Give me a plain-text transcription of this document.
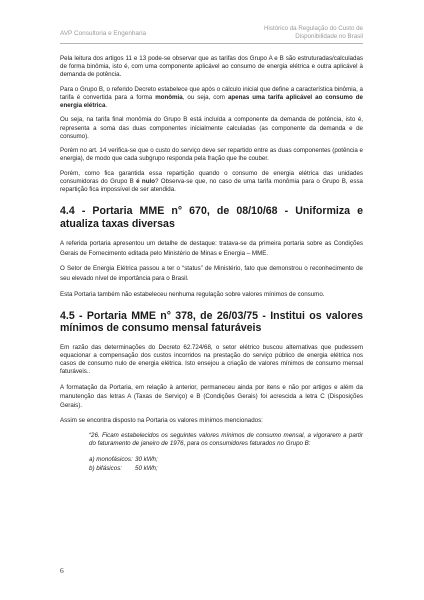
AVP Consultoria e Engenharia
Histórico da Regulação do Custo de
Disponibilidade no Brasil

Pela leitura dos artigos 11 e 13 pode-se observar que as tarifas dos Grupo A e B são estruturadas/calculadas de forma binômia, isto é, com uma componente aplicável ao consumo de energia elétrica e outra aplicável à demanda de potência.

Para o Grupo B, o referido Decreto estabelece que após o cálculo inicial que define a característica binômia, a tarifa é convertida para a forma monômia, ou seja, com apenas uma tarifa aplicável ao consumo de energia elétrica.

Ou seja, na tarifa final monômia do Grupo B está incluída a componente da demanda de potência, isto é, representa a soma das duas componentes inicialmente calculadas (as componente da demanda e de consumo).

Porém no art. 14 verifica-se que o custo do serviço deve ser repartido entre as duas componentes (potência e energia), de modo que cada subgrupo responda pela fração que lhe couber.

Porém, como fica garantida essa repartição quando o consumo de energia elétrica das unidades consumidoras do Grupo B é nulo? Observa-se que, no caso de uma tarifa monômia para o Grupo B, essa repartição fica impossível de ser atendida.

4.4 - Portaria MME n° 670, de 08/10/68 - Uniformiza e atualiza taxas diversas

A referida portaria apresentou um detalhe de destaque: tratava-se da primeira portaria sobre as Condições Gerais de Fornecimento editada pelo Ministério de Minas e Energia – MME.

O Setor de Energia Elétrica passou a ter o “status” de Ministério, fato que demonstrou o reconhecimento de seu elevado nível de importância para o Brasil.

Esta Portaria também não estabeleceu nenhuma regulação sobre valores mínimos de consumo.

4.5 - Portaria MME n° 378, de 26/03/75 - Institui os valores mínimos de consumo mensal faturáveis

Em razão das determinações do Decreto 62.724/68, o setor elétrico buscou alternativas que pudessem equacionar a compensação dos custos incorridos na prestação do serviço público de energia elétrica nos casos de consumo nulo de energia elétrica. Isto ensejou a criação de valores mínimos de consumo mensal faturáveis..

A formatação da Portaria, em relação à anterior, permaneceu ainda por itens e não por artigos e além da manutenção das letras A (Taxas de Serviço) e B (Condições Gerais) foi acrescida a letra C (Disposições Gerais).

Assim se encontra disposto na Portaria os valores mínimos mencionados:

“26. Ficam estabelecidos os seguintes valores mínimos de consumo mensal, a vigorarem a partir do faturamento de janeiro de 1976, para os consumidores faturados no Grupo B:

a) monofásicos: 30 kWh;
b) bifásicos: 50 kWh;
6
